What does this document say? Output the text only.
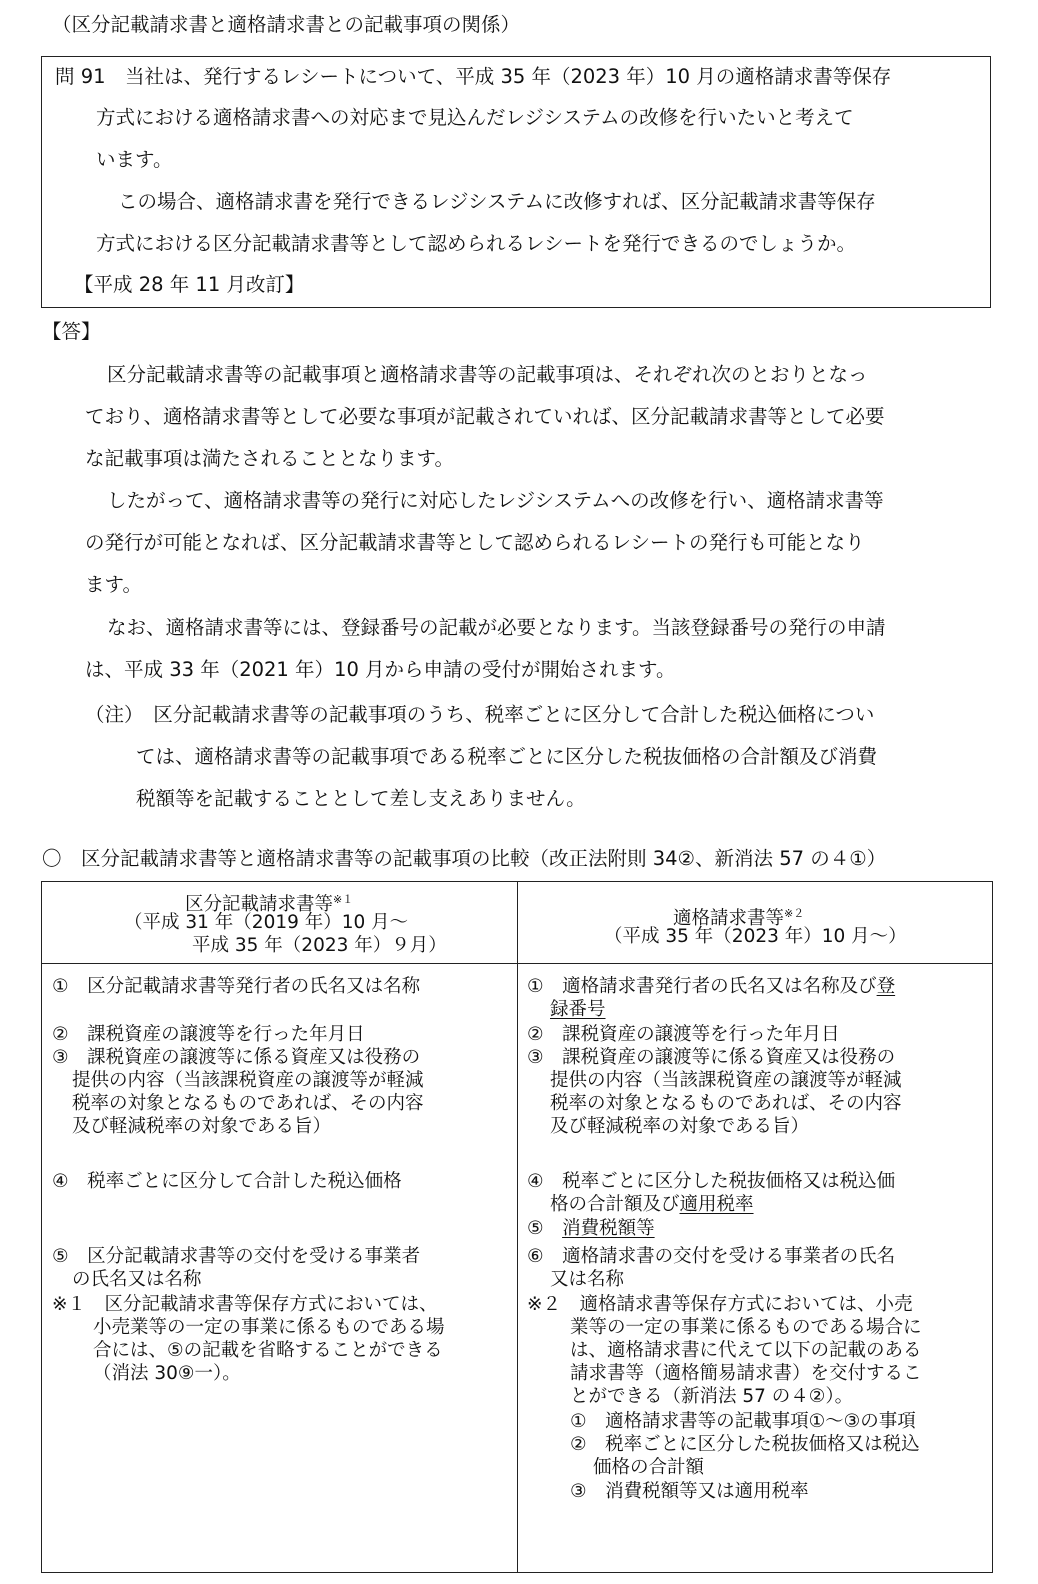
（区分記載請求書と適格請求書との記載事項の関係）
問 91　当社は、発行するレシートについて、平成 35 年（2023 年）10 月の適格請求書等保存
方式における適格請求書への対応まで見込んだレジシステムの改修を行いたいと考えて
います。
この場合、適格請求書を発行できるレジシステムに改修すれば、区分記載請求書等保存
方式における区分記載請求書等として認められるレシートを発行できるのでしょうか。
【平成 28 年 11 月改訂】
【答】
区分記載請求書等の記載事項と適格請求書等の記載事項は、それぞれ次のとおりとなっ
ており、適格請求書等として必要な事項が記載されていれば、区分記載請求書等として必要
な記載事項は満たされることとなります。
したがって、適格請求書等の発行に対応したレジシステムへの改修を行い、適格請求書等
の発行が可能となれば、区分記載請求書等として認められるレシートの発行も可能となり
ます。
なお、適格請求書等には、登録番号の記載が必要となります。当該登録番号の発行の申請
は、平成 33 年（2021 年）10 月から申請の受付が開始されます。
（注）　区分記載請求書等の記載事項のうち、税率ごとに区分して合計した税込価格につい
ては、適格請求書等の記載事項である税率ごとに区分した税抜価格の合計額及び消費
税額等を記載することとして差し支えありません。
〇　区分記載請求書等と適格請求書等の記載事項の比較（改正法附則 34②、新消法 57 の４①）
区分記載請求書等$^{※1}$
（平成 31 年（2019 年）10 月～
平成 35 年（2023 年）９月）
適格請求書等$^{※2}$
（平成 35 年（2023 年）10 月～）
①　区分記載請求書等発行者の氏名又は名称
②　課税資産の譲渡等を行った年月日
③　課税資産の譲渡等に係る資産又は役務の
提供の内容（当該課税資産の譲渡等が軽減
税率の対象となるものであれば、その内容
及び軽減税率の対象である旨）
④　税率ごとに区分して合計した税込価格
⑤　区分記載請求書等の交付を受ける事業者
の氏名又は名称
※１　区分記載請求書等保存方式においては、
小売業等の一定の事業に係るものである場
合には、⑤の記載を省略することができる
（消法 30⑨一）。
①　適格請求書発行者の氏名又は名称及び登
録番号
②　課税資産の譲渡等を行った年月日
③　課税資産の譲渡等に係る資産又は役務の
提供の内容（当該課税資産の譲渡等が軽減
税率の対象となるものであれば、その内容
及び軽減税率の対象である旨）
④　税率ごとに区分した税抜価格又は税込価
格の合計額及び適用税率
⑤　消費税額等
⑥　適格請求書の交付を受ける事業者の氏名
又は名称
※２　適格請求書等保存方式においては、小売
業等の一定の事業に係るものである場合に
は、適格請求書に代えて以下の記載のある
請求書等（適格簡易請求書）を交付するこ
とができる（新消法 57 の４②）。
①　適格請求書等の記載事項①～③の事項
②　税率ごとに区分した税抜価格又は税込
価格の合計額
③　消費税額等又は適用税率
